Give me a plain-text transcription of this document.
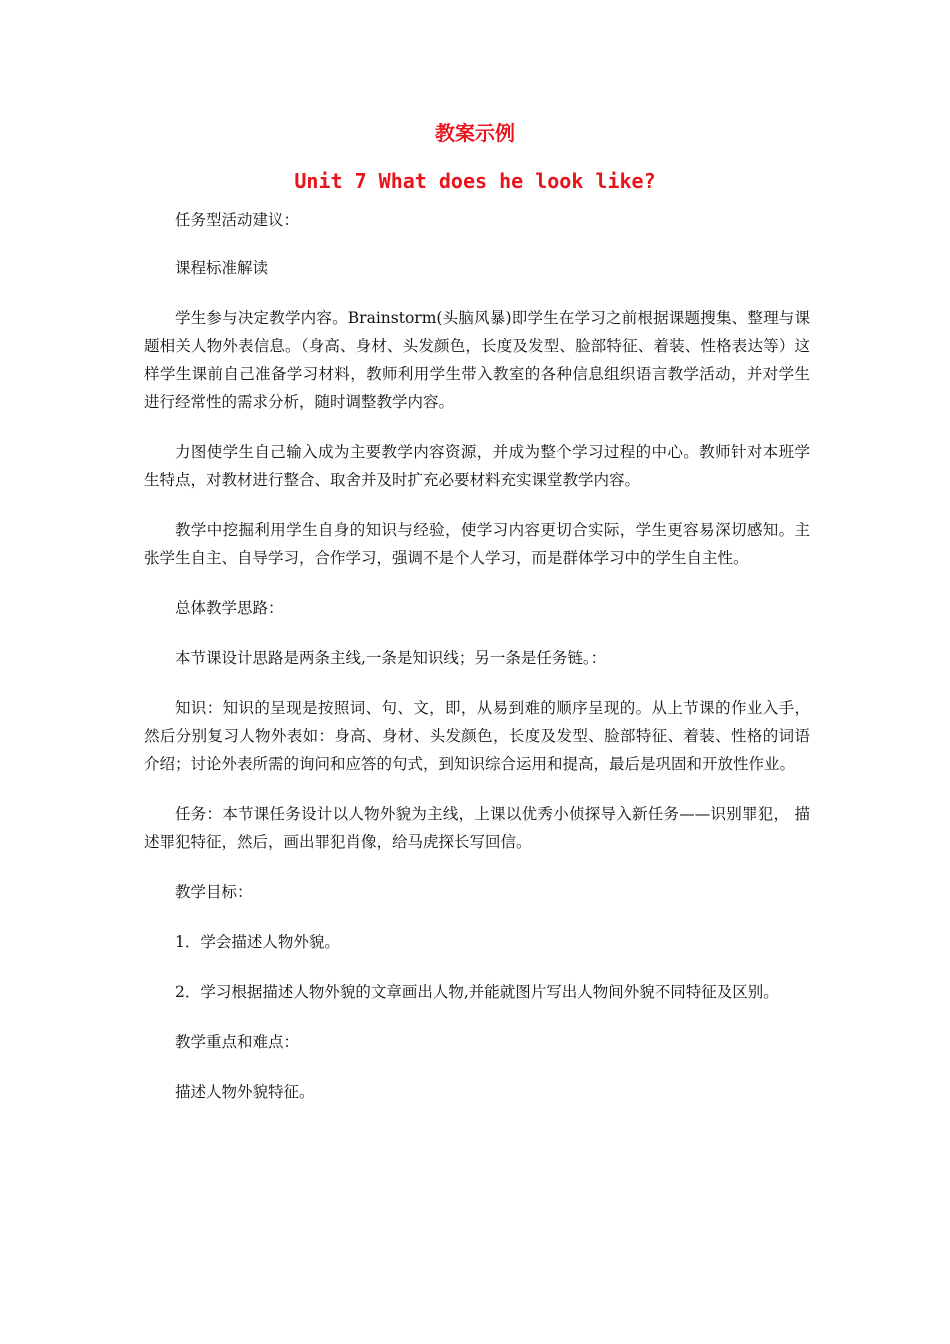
教案示例
Unit 7 What does he look like?

任务型活动建议：

课程标准解读

学生参与决定教学内容。Brainstorm(头脑风暴)即学生在学习之前根据课题搜集、整理与课题相关人物外表信息。（身高、身材、头发颜色，长度及发型、脸部特征、着装、性格表达等）这样学生课前自己准备学习材料，教师利用学生带入教室的各种信息组织语言教学活动，并对学生进行经常性的需求分析，随时调整教学内容。

力图使学生自己输入成为主要教学内容资源，并成为整个学习过程的中心。教师针对本班学生特点，对教材进行整合、取舍并及时扩充必要材料充实课堂教学内容。

教学中挖掘利用学生自身的知识与经验，使学习内容更切合实际，学生更容易深切感知。主张学生自主、自导学习，合作学习，强调不是个人学习，而是群体学习中的学生自主性。

总体教学思路：

本节课设计思路是两条主线,一条是知识线；另一条是任务链。：

知识：知识的呈现是按照词、句、文，即，从易到难的顺序呈现的。从上节课的作业入手，然后分别复习人物外表如：身高、身材、头发颜色，长度及发型、脸部特征、着装、性格的词语介绍；讨论外表所需的询问和应答的句式，到知识综合运用和提高，最后是巩固和开放性作业。

任务：本节课任务设计以人物外貌为主线，上课以优秀小侦探导入新任务——识别罪犯， 描述罪犯特征，然后，画出罪犯肖像，给马虎探长写回信。

教学目标：

1．学会描述人物外貌。

2．学习根据描述人物外貌的文章画出人物,并能就图片写出人物间外貌不同特征及区别。

教学重点和难点：

描述人物外貌特征。
